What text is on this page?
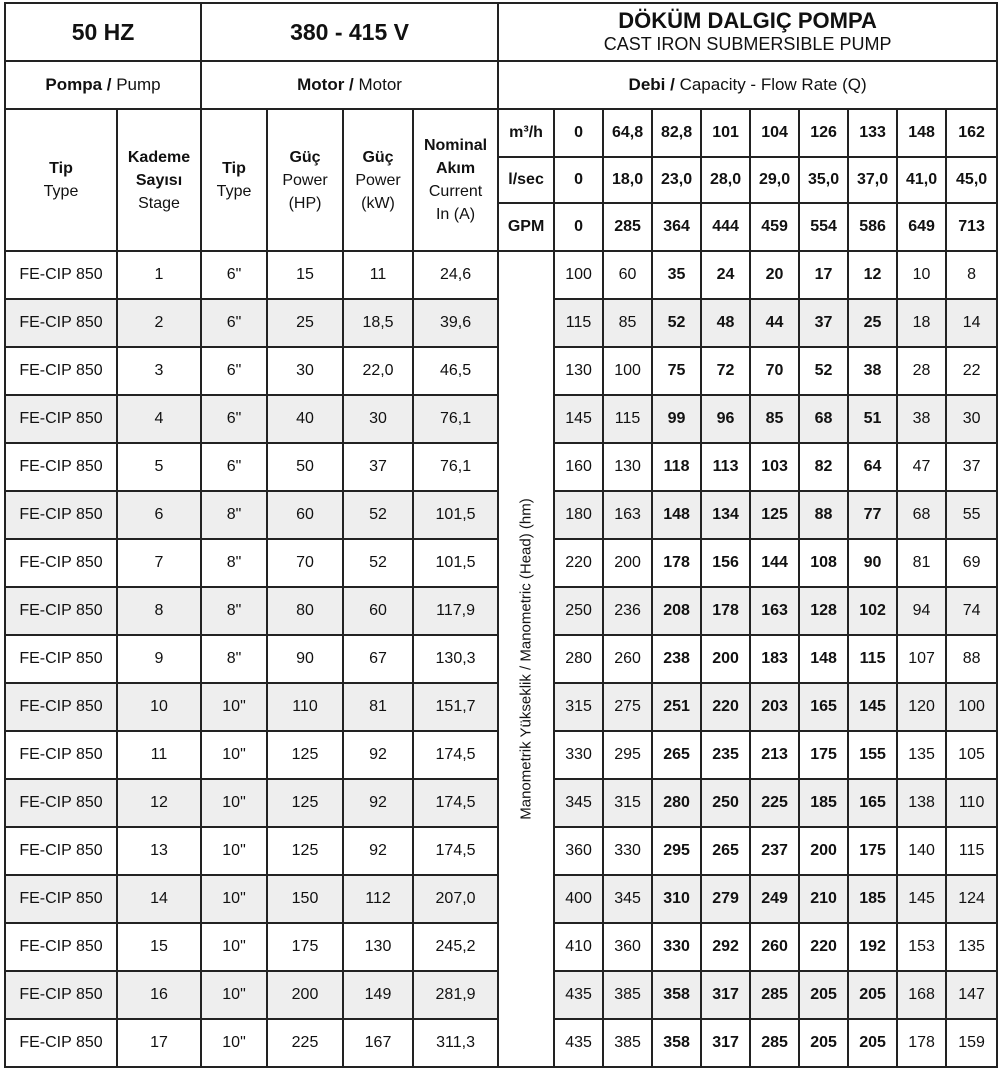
50 HZ		380 - 415 V				DÖKÜM DALGIÇ POMPA
CAST IRON SUBMERSIBLE PUMP									

Pompa / Pump		Motor / Motor				Debi / Capacity - Flow Rate (Q)									
Tip
Type	Kademe
Sayısı
Stage	Tip
Type	Güç
Power
(HP)	Güç
Power
(kW)	Nominal
Akım
Current
In (A)	m³/h	0	64,8	82,8	101	104	126	133	148	162
						l/sec	0	18,0	23,0	28,0	29,0	35,0	37,0	41,0	45,0
						GPM	0	285	364	444	459	554	586	649	713
FE-CIP 850	1	6"	15	11	24,6	Manometrik Yükseklik / Manometric (Head) (hm)	100	60	35	24	20	17	12	10	8
FE-CIP 850	2	6"	25	18,5	39,6		115	85	52	48	44	37	25	18	14
FE-CIP 850	3	6"	30	22,0	46,5		130	100	75	72	70	52	38	28	22
FE-CIP 850	4	6"	40	30	76,1		145	115	99	96	85	68	51	38	30
FE-CIP 850	5	6"	50	37	76,1		160	130	118	113	103	82	64	47	37
FE-CIP 850	6	8"	60	52	101,5		180	163	148	134	125	88	77	68	55
FE-CIP 850	7	8"	70	52	101,5		220	200	178	156	144	108	90	81	69
FE-CIP 850	8	8"	80	60	117,9		250	236	208	178	163	128	102	94	74
FE-CIP 850	9	8"	90	67	130,3		280	260	238	200	183	148	115	107	88
FE-CIP 850	10	10"	110	81	151,7		315	275	251	220	203	165	145	120	100
FE-CIP 850	11	10"	125	92	174,5		330	295	265	235	213	175	155	135	105
FE-CIP 850	12	10"	125	92	174,5		345	315	280	250	225	185	165	138	110
FE-CIP 850	13	10"	125	92	174,5		360	330	295	265	237	200	175	140	115
FE-CIP 850	14	10"	150	112	207,0		400	345	310	279	249	210	185	145	124
FE-CIP 850	15	10"	175	130	245,2		410	360	330	292	260	220	192	153	135
FE-CIP 850	16	10"	200	149	281,9		435	385	358	317	285	205	205	168	147
FE-CIP 850	17	10"	225	167	311,3		435	385	358	317	285	205	205	178	159
